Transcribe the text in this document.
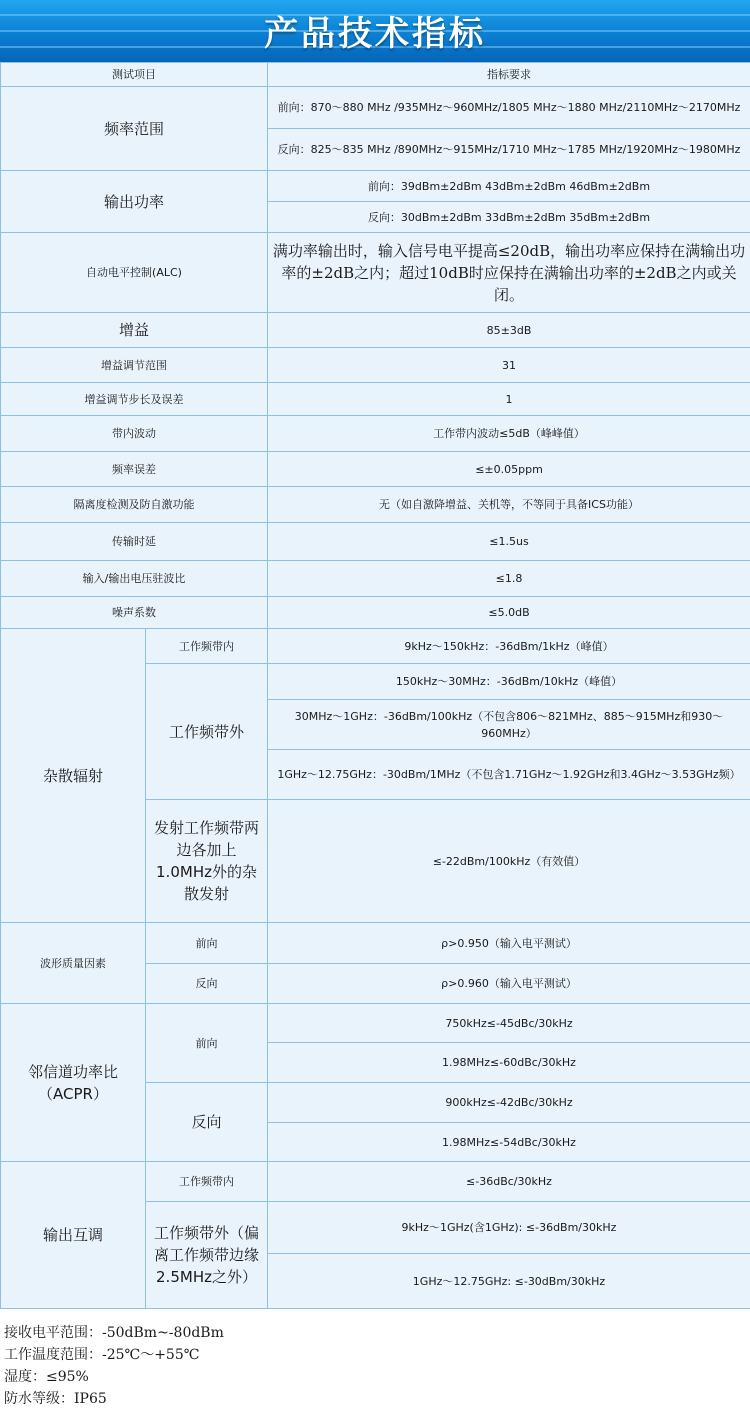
产品技术指标
测试项目		指标要求
频率范围		前向：870～880 MHz /935MHz～960MHz/1805 MHz～1880 MHz/2110MHz～2170MHz
		反向：825～835 MHz /890MHz～915MHz/1710 MHz～1785 MHz/1920MHz～1980MHz
输出功率		前向：39dBm±2dBm 43dBm±2dBm 46dBm±2dBm
		反向：30dBm±2dBm 33dBm±2dBm 35dBm±2dBm
自动电平控制(ALC)		满功率输出时，输入信号电平提高≤20dB，输出功率应保持在满输出功率的±2dB之内；超过10dB时应保持在满输出功率的±2dB之内或关闭。
增益		85±3dB
增益调节范围		31
增益调节步长及误差		1
带内波动		工作带内波动≤5dB（峰峰值）
频率误差		≤±0.05ppm
隔离度检测及防自激功能		无（如自激降增益、关机等，不等同于具备ICS功能）
传输时延		≤1.5us
输入/输出电压驻波比		≤1.8
噪声系数		≤5.0dB
杂散辐射	工作频带内	9kHz～150kHz：-36dBm/1kHz（峰值）
	工作频带外	150kHz～30MHz：-36dBm/10kHz（峰值）
		30MHz～1GHz：-36dBm/100kHz（不包含806～821MHz、885～915MHz和930～960MHz）
		1GHz～12.75GHz：-30dBm/1MHz（不包含1.71GHz～1.92GHz和3.4GHz～3.53GHz频）
	发射工作频带两边各加上1.0MHz外的杂散发射	≤-22dBm/100kHz（有效值）
波形质量因素	前向	ρ>0.950（输入电平测试）
	反向	ρ>0.960（输入电平测试）
邻信道功率比（ACPR）	前向	750kHz≤-45dBc/30kHz
		1.98MHz≤-60dBc/30kHz
	反向	900kHz≤-42dBc/30kHz
		1.98MHz≤-54dBc/30kHz
输出互调	工作频带内	≤-36dBc/30kHz
	工作频带外（偏离工作频带边缘2.5MHz之外）	9kHz～1GHz(含1GHz): ≤-36dBm/30kHz
		1GHz～12.75GHz: ≤-30dBm/30kHz
接收电平范围：-50dBm~-80dBm
工作温度范围：-25℃～+55℃
湿度：≤95%
防水等级：IP65
